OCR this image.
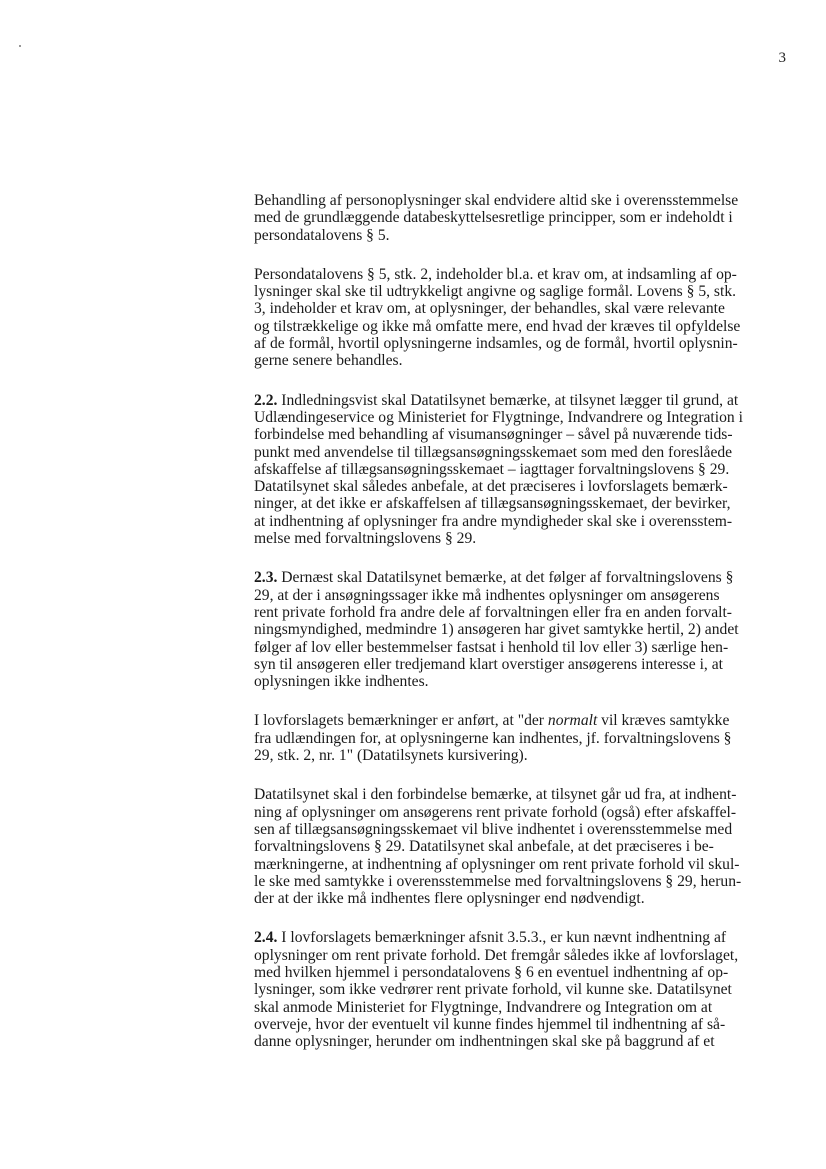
3

Behandling af personoplysninger skal endvidere altid ske i overensstemmelse
med de grundlæggende databeskyttelsesretlige principper, som er indeholdt i
persondatalovens § 5.

Persondatalovens § 5, stk. 2, indeholder bl.a. et krav om, at indsamling af op-
lysninger skal ske til udtrykkeligt angivne og saglige formål. Lovens § 5, stk.
3, indeholder et krav om, at oplysninger, der behandles, skal være relevante
og tilstrækkelige og ikke må omfatte mere, end hvad der kræves til opfyldelse
af de formål, hvortil oplysningerne indsamles, og de formål, hvortil oplysnin-
gerne senere behandles.

2.2. Indledningsvist skal Datatilsynet bemærke, at tilsynet lægger til grund, at
Udlændingeservice og Ministeriet for Flygtninge, Indvandrere og Integration i
forbindelse med behandling af visumansøgninger – såvel på nuværende tids-
punkt med anvendelse til tillægsansøgningsskemaet som med den foreslåede
afskaffelse af tillægsansøgningsskemaet – iagttager forvaltningslovens § 29.
Datatilsynet skal således anbefale, at det præciseres i lovforslagets bemærk-
ninger, at det ikke er afskaffelsen af tillægsansøgningsskemaet, der bevirker,
at indhentning af oplysninger fra andre myndigheder skal ske i overensstem-
melse med forvaltningslovens § 29.

2.3. Dernæst skal Datatilsynet bemærke, at det følger af forvaltningslovens §
29, at der i ansøgningssager ikke må indhentes oplysninger om ansøgerens
rent private forhold fra andre dele af forvaltningen eller fra en anden forvalt-
ningsmyndighed, medmindre 1) ansøgeren har givet samtykke hertil, 2) andet
følger af lov eller bestemmelser fastsat i henhold til lov eller 3) særlige hen-
syn til ansøgeren eller tredjemand klart overstiger ansøgerens interesse i, at
oplysningen ikke indhentes.

I lovforslagets bemærkninger er anført, at "der normalt vil kræves samtykke
fra udlændingen for, at oplysningerne kan indhentes, jf. forvaltningslovens §
29, stk. 2, nr. 1" (Datatilsynets kursivering).

Datatilsynet skal i den forbindelse bemærke, at tilsynet går ud fra, at indhent-
ning af oplysninger om ansøgerens rent private forhold (også) efter afskaffel-
sen af tillægsansøgningsskemaet vil blive indhentet i overensstemmelse med
forvaltningslovens § 29. Datatilsynet skal anbefale, at det præciseres i be-
mærkningerne, at indhentning af oplysninger om rent private forhold vil skul-
le ske med samtykke i overensstemmelse med forvaltningslovens § 29, herun-
der at der ikke må indhentes flere oplysninger end nødvendigt.

2.4. I lovforslagets bemærkninger afsnit 3.5.3., er kun nævnt indhentning af
oplysninger om rent private forhold. Det fremgår således ikke af lovforslaget,
med hvilken hjemmel i persondatalovens § 6 en eventuel indhentning af op-
lysninger, som ikke vedrører rent private forhold, vil kunne ske. Datatilsynet
skal anmode Ministeriet for Flygtninge, Indvandrere og Integration om at
overveje, hvor der eventuelt vil kunne findes hjemmel til indhentning af så-
danne oplysninger, herunder om indhentningen skal ske på baggrund af et
